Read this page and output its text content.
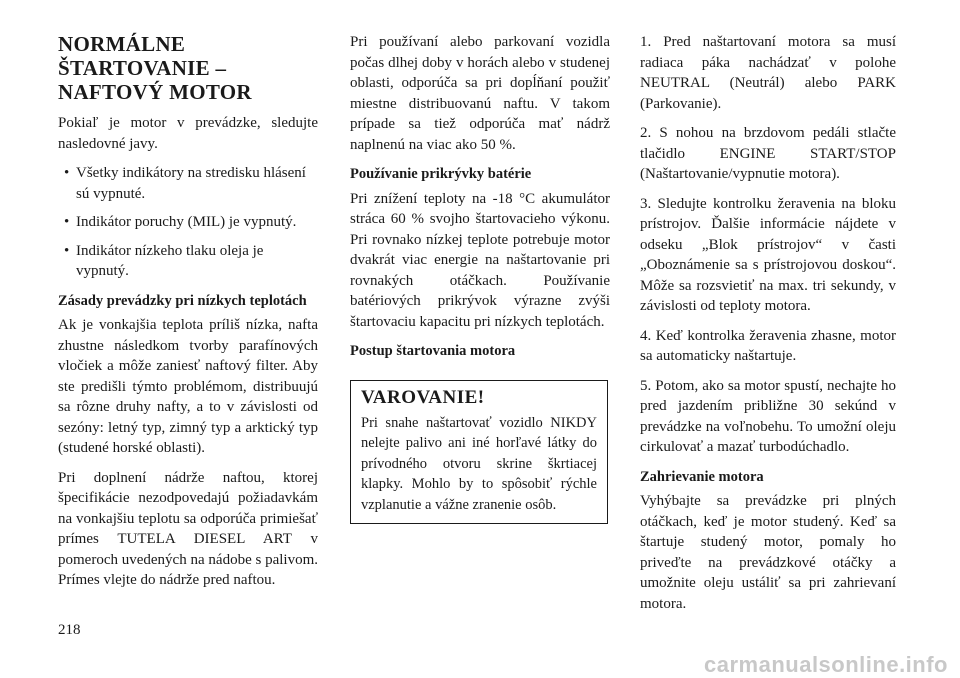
NORMÁLNE
ŠTARTOVANIE –
NAFTOVÝ MOTOR

Pokiaľ je motor v prevádzke, sledujte nasledovné javy.

• Všetky indikátory na stredisku hlásení sú vypnuté.
• Indikátor poruchy (MIL) je vypnutý.
• Indikátor nízkeho tlaku oleja je vypnutý.

Zásady prevádzky pri nízkych teplotách

Ak je vonkajšia teplota príliš nízka, nafta zhustne následkom tvorby parafínových vločiek a môže zaniesť naftový filter. Aby ste predišli týmto problémom, distribuujú sa rôzne druhy nafty, a to v závislosti od sezóny: letný typ, zimný typ a arktický typ (studené horské oblasti).

Pri doplnení nádrže naftou, ktorej špecifikácie nezodpovedajú požiadavkám na vonkajšiu teplotu sa odporúča primiešať prímes TUTELA DIESEL ART v pomeroch uvedených na nádobe s palivom. Prímes vlejte do nádrže pred naftou.

Pri používaní alebo parkovaní vozidla počas dlhej doby v horách alebo v studenej oblasti, odporúča sa pri dopĺňaní použiť miestne distribuovanú naftu. V takom prípade sa tiež odporúča mať nádrž naplnenú na viac ako 50 %.

Používanie prikrývky batérie

Pri znížení teploty na -18 °C akumulátor stráca 60 % svojho štartovacieho výkonu. Pri rovnako nízkej teplote potrebuje motor dvakrát viac energie na naštartovanie pri rovnakých otáčkach. Používanie batériových prikrývok výrazne zvýši štartovaciu kapacitu pri nízkych teplotách.

Postup štartovania motora

VAROVANIE!

Pri snahe naštartovať vozidlo NIKDY nelejte palivo ani iné horľavé látky do prívodného otvoru skrine škrtiacej klapky. Mohlo by to spôsobiť rýchle vzplanutie a vážne zranenie osôb.

1. Pred naštartovaní motora sa musí radiaca páka nachádzať v polohe NEUTRAL (Neutrál) alebo PARK (Parkovanie).

2. S nohou na brzdovom pedáli stlačte tlačidlo ENGINE START/STOP (Naštartovanie/vypnutie motora).

3. Sledujte kontrolku žeravenia na bloku prístrojov. Ďalšie informácie nájdete v odseku „Blok prístrojov“ v časti „Oboznámenie sa s prístrojovou doskou“. Môže sa rozsvietiť na max. tri sekundy, v závislosti od teploty motora.

4. Keď kontrolka žeravenia zhasne, motor sa automaticky naštartuje.

5. Potom, ako sa motor spustí, nechajte ho pred jazdením približne 30 sekúnd v prevádzke na voľnobehu. To umožní oleju cirkulovať a mazať turbodúchadlo.

Zahrievanie motora

Vyhýbajte sa prevádzke pri plných otáčkach, keď je motor studený. Keď sa štartuje studený motor, pomaly ho priveďte na prevádzkové otáčky a umožnite oleju ustáliť sa pri zahrievaní motora.

218
carmanualsonline.info
